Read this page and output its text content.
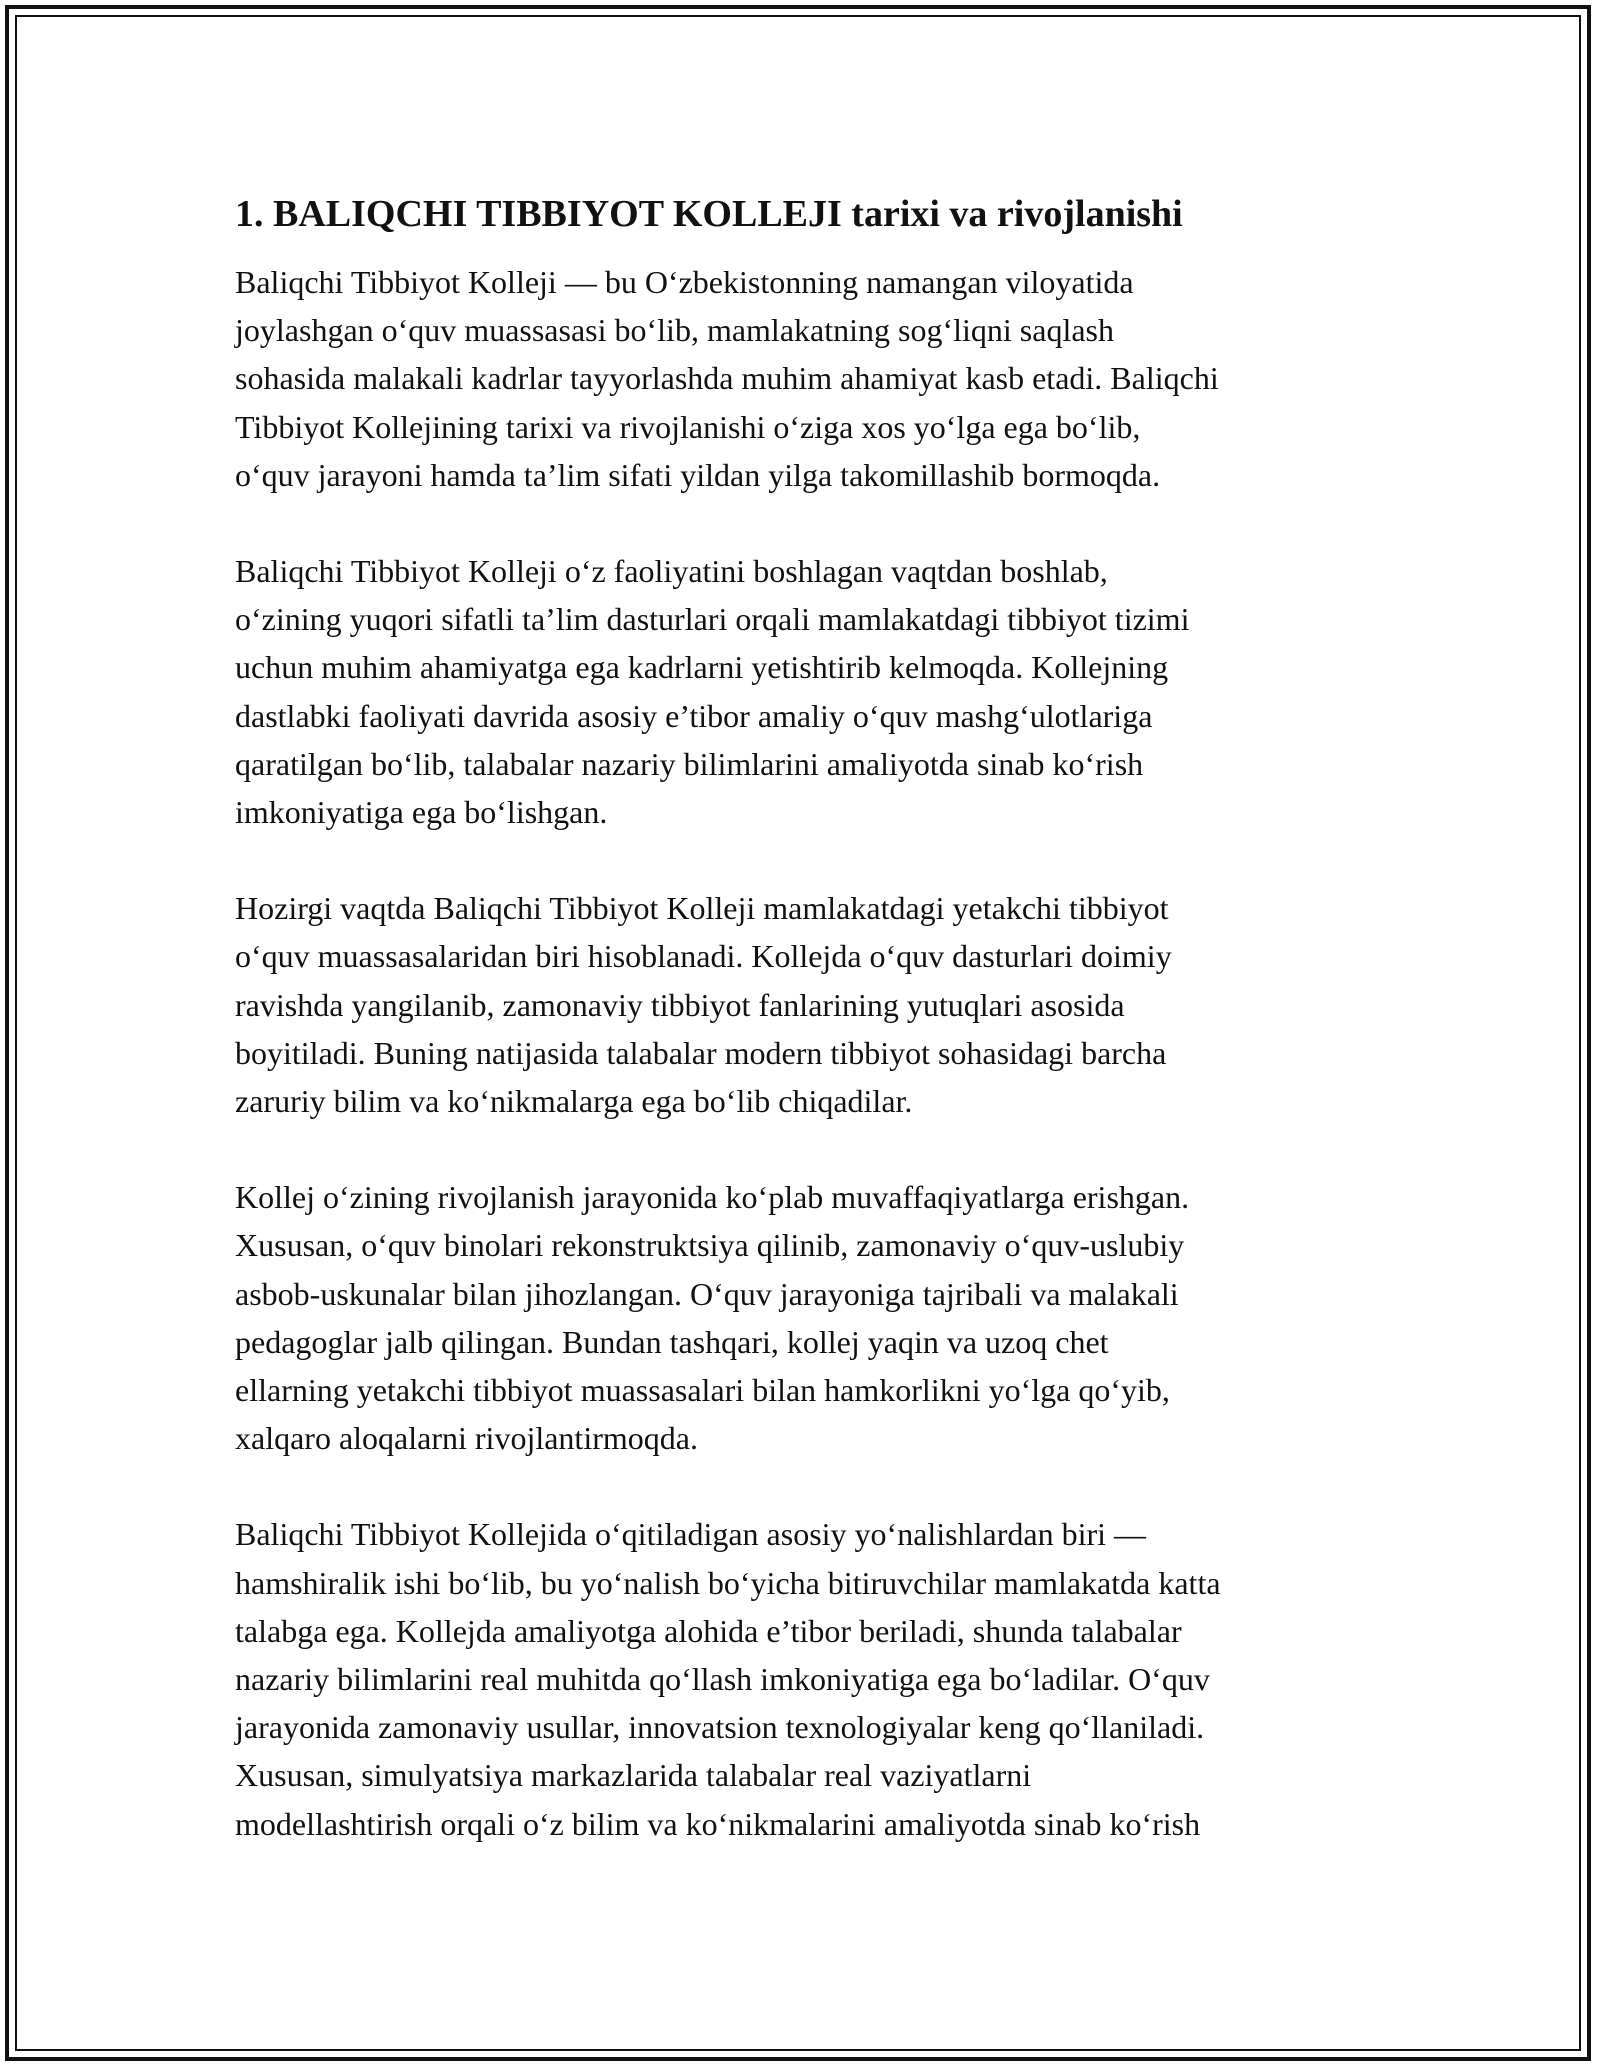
1. BALIQCHI TIBBIYOT KOLLEJI tarixi va rivojlanishi
Baliqchi Tibbiyot Kolleji — bu O‘zbekistonning namangan viloyatida
joylashgan o‘quv muassasasi bo‘lib, mamlakatning sog‘liqni saqlash
sohasida malakali kadrlar tayyorlashda muhim ahamiyat kasb etadi. Baliqchi
Tibbiyot Kollejining tarixi va rivojlanishi o‘ziga xos yo‘lga ega bo‘lib,
o‘quv jarayoni hamda ta’lim sifati yildan yilga takomillashib bormoqda.
Baliqchi Tibbiyot Kolleji o‘z faoliyatini boshlagan vaqtdan boshlab,
o‘zining yuqori sifatli ta’lim dasturlari orqali mamlakatdagi tibbiyot tizimi
uchun muhim ahamiyatga ega kadrlarni yetishtirib kelmoqda. Kollejning
dastlabki faoliyati davrida asosiy e’tibor amaliy o‘quv mashg‘ulotlariga
qaratilgan bo‘lib, talabalar nazariy bilimlarini amaliyotda sinab ko‘rish
imkoniyatiga ega bo‘lishgan.
Hozirgi vaqtda Baliqchi Tibbiyot Kolleji mamlakatdagi yetakchi tibbiyot
o‘quv muassasalaridan biri hisoblanadi. Kollejda o‘quv dasturlari doimiy
ravishda yangilanib, zamonaviy tibbiyot fanlarining yutuqlari asosida
boyitiladi. Buning natijasida talabalar modern tibbiyot sohasidagi barcha
zaruriy bilim va ko‘nikmalarga ega bo‘lib chiqadilar.
Kollej o‘zining rivojlanish jarayonida ko‘plab muvaffaqiyatlarga erishgan.
Xususan, o‘quv binolari rekonstruktsiya qilinib, zamonaviy o‘quv-uslubiy
asbob-uskunalar bilan jihozlangan. O‘quv jarayoniga tajribali va malakali
pedagoglar jalb qilingan. Bundan tashqari, kollej yaqin va uzoq chet
ellarning yetakchi tibbiyot muassasalari bilan hamkorlikni yo‘lga qo‘yib,
xalqaro aloqalarni rivojlantirmoqda.
Baliqchi Tibbiyot Kollejida o‘qitiladigan asosiy yo‘nalishlardan biri —
hamshiralik ishi bo‘lib, bu yo‘nalish bo‘yicha bitiruvchilar mamlakatda katta
talabga ega. Kollejda amaliyotga alohida e’tibor beriladi, shunda talabalar
nazariy bilimlarini real muhitda qo‘llash imkoniyatiga ega bo‘ladilar. O‘quv
jarayonida zamonaviy usullar, innovatsion texnologiyalar keng qo‘llaniladi.
Xususan, simulyatsiya markazlarida talabalar real vaziyatlarni
modellashtirish orqali o‘z bilim va ko‘nikmalarini amaliyotda sinab ko‘rish
